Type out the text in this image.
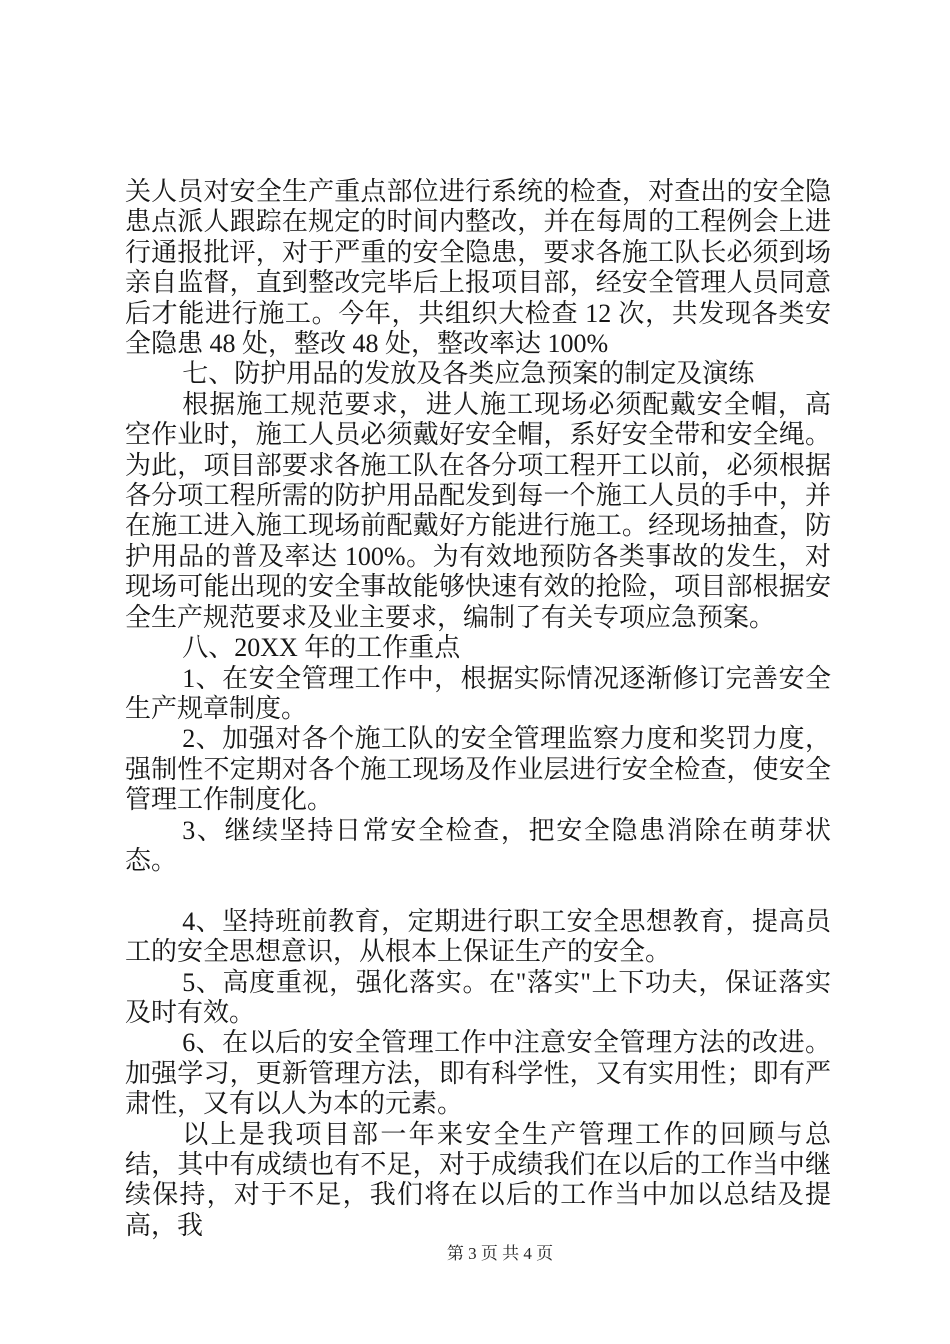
关人员对安全生产重点部位进行系统的检查，对查出的安全隐患点派人跟踪在规定的时间内整改，并在每周的工程例会上进行通报批评，对于严重的安全隐患，要求各施工队长必须到场亲自监督，直到整改完毕后上报项目部，经安全管理人员同意后才能进行施工。今年，共组织大检查 12 次，共发现各类安全隐患 48 处，整改 48 处，整改率达 100%

七、防护用品的发放及各类应急预案的制定及演练

根据施工规范要求，进人施工现场必须配戴安全帽，高空作业时，施工人员必须戴好安全帽，系好安全带和安全绳。为此，项目部要求各施工队在各分项工程开工以前，必须根据各分项工程所需的防护用品配发到每一个施工人员的手中，并在施工进入施工现场前配戴好方能进行施工。经现场抽查，防护用品的普及率达 100%。为有效地预防各类事故的发生，对现场可能出现的安全事故能够快速有效的抢险，项目部根据安全生产规范要求及业主要求，编制了有关专项应急预案。

八、20XX 年的工作重点

1、在安全管理工作中，根据实际情况逐渐修订完善安全生产规章制度。

2、加强对各个施工队的安全管理监察力度和奖罚力度，强制性不定期对各个施工现场及作业层进行安全检查，使安全管理工作制度化。

3、继续坚持日常安全检查，把安全隐患消除在萌芽状态。

4、坚持班前教育，定期进行职工安全思想教育，提高员工的安全思想意识，从根本上保证生产的安全。

5、高度重视，强化落实。在"落实"上下功夫，保证落实及时有效。

6、在以后的安全管理工作中注意安全管理方法的改进。加强学习，更新管理方法，即有科学性，又有实用性；即有严肃性，又有以人为本的元素。

以上是我项目部一年来安全生产管理工作的回顾与总结，其中有成绩也有不足，对于成绩我们在以后的工作当中继续保持，对于不足，我们将在以后的工作当中加以总结及提高，我

第 3 页 共 4 页
